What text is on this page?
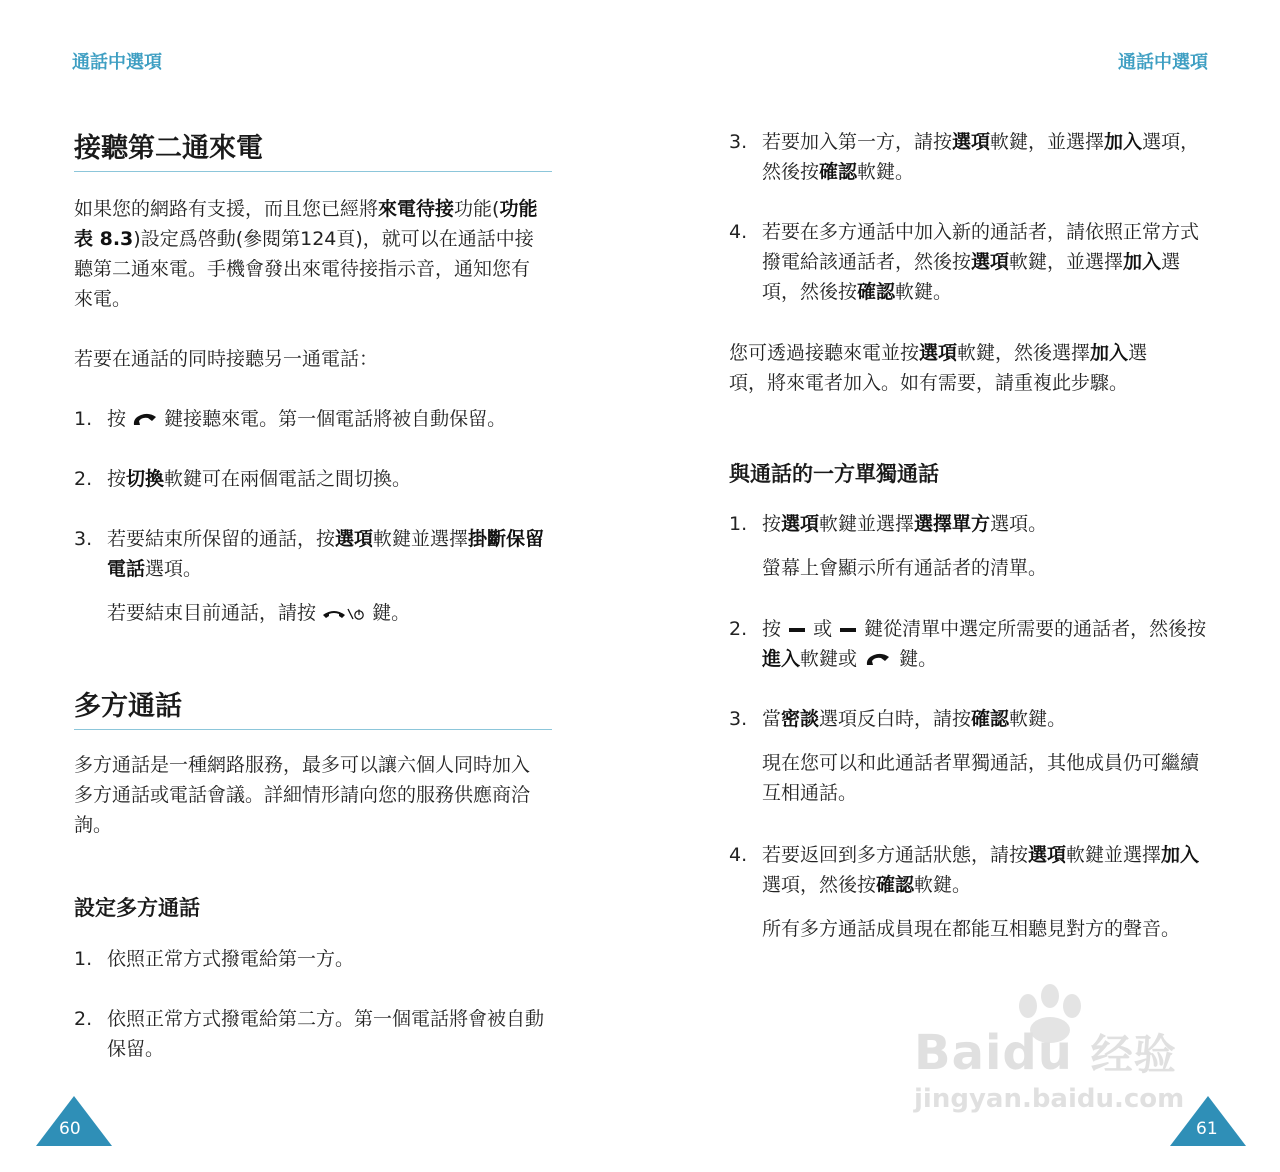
通話中選項
接聽第二通來電
如果您的網路有支援，而且您已經將來電待接功能(功能表 8.3)設定爲啓動(參閱第124頁)，就可以在通話中接聽第二通來電。手機會發出來電待接指示音，通知您有來電。
若要在通話的同時接聽另一通電話：
1. 按  鍵接聽來電。第一個電話將被自動保留。
2. 按切換軟鍵可在兩個電話之間切換。
3. 若要結束所保留的通話，按選項軟鍵並選擇掛斷保留電話選項。
若要結束目前通話，請按  鍵。
多方通話
多方通話是一種網路服務，最多可以讓六個人同時加入多方通話或電話會議。詳細情形請向您的服務供應商洽詢。
設定多方通話
1. 依照正常方式撥電給第一方。
2. 依照正常方式撥電給第二方。第一個電話將會被自動保留。
60
通話中選項
3. 若要加入第一方，請按選項軟鍵，並選擇加入選項，然後按確認軟鍵。
4. 若要在多方通話中加入新的通話者，請依照正常方式撥電給該通話者，然後按選項軟鍵，並選擇加入選項，然後按確認軟鍵。
您可透過接聽來電並按選項軟鍵，然後選擇加入選項，將來電者加入。如有需要，請重複此步驟。
與通話的一方單獨通話
1. 按選項軟鍵並選擇選擇單方選項。
螢幕上會顯示所有通話者的清單。
2. 按  或  鍵從清單中選定所需要的通話者，然後按進入軟鍵或  鍵。
3. 當密談選項反白時，請按確認軟鍵。
現在您可以和此通話者單獨通話，其他成員仍可繼續互相通話。
4. 若要返回到多方通話狀態，請按選項軟鍵並選擇加入選項，然後按確認軟鍵。
所有多方通話成員現在都能互相聽見對方的聲音。
61
Baidu 经验
jingyan.baidu.com
